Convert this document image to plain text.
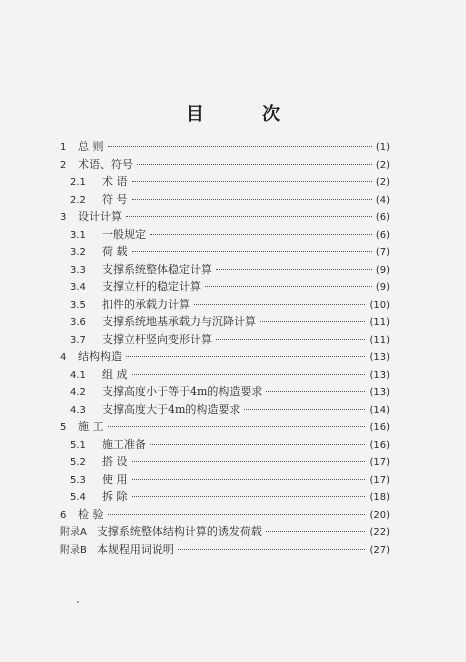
目 次
1 总 则	(1)
2 术语、符号	(2)
2.1	术 语	(2)
2.2	符 号	(4)
3 设计计算	(6)
3.1	一般规定	(6)
3.2	荷 载	(7)
3.3	支撑系统整体稳定计算	(9)
3.4	支撑立杆的稳定计算	(9)
3.5	扣件的承载力计算	(10)
3.6	支撑系统地基承载力与沉降计算	(11)
3.7	支撑立杆竖向变形计算	(11)
4 结构构造	(13)
4.1	组 成	(13)
4.2	支撑高度小于等于4m的构造要求	(13)
4.3	支撑高度大于4m的构造要求	(14)
5 施 工	(16)
5.1	施工准备	(16)
5.2	搭 设	(17)
5.3	使 用	(17)
5.4	拆 除	(18)
6 检 验	(20)
附录A 支撑系统整体结构计算的诱发荷载	(22)
附录B 本规程用词说明	(27)
